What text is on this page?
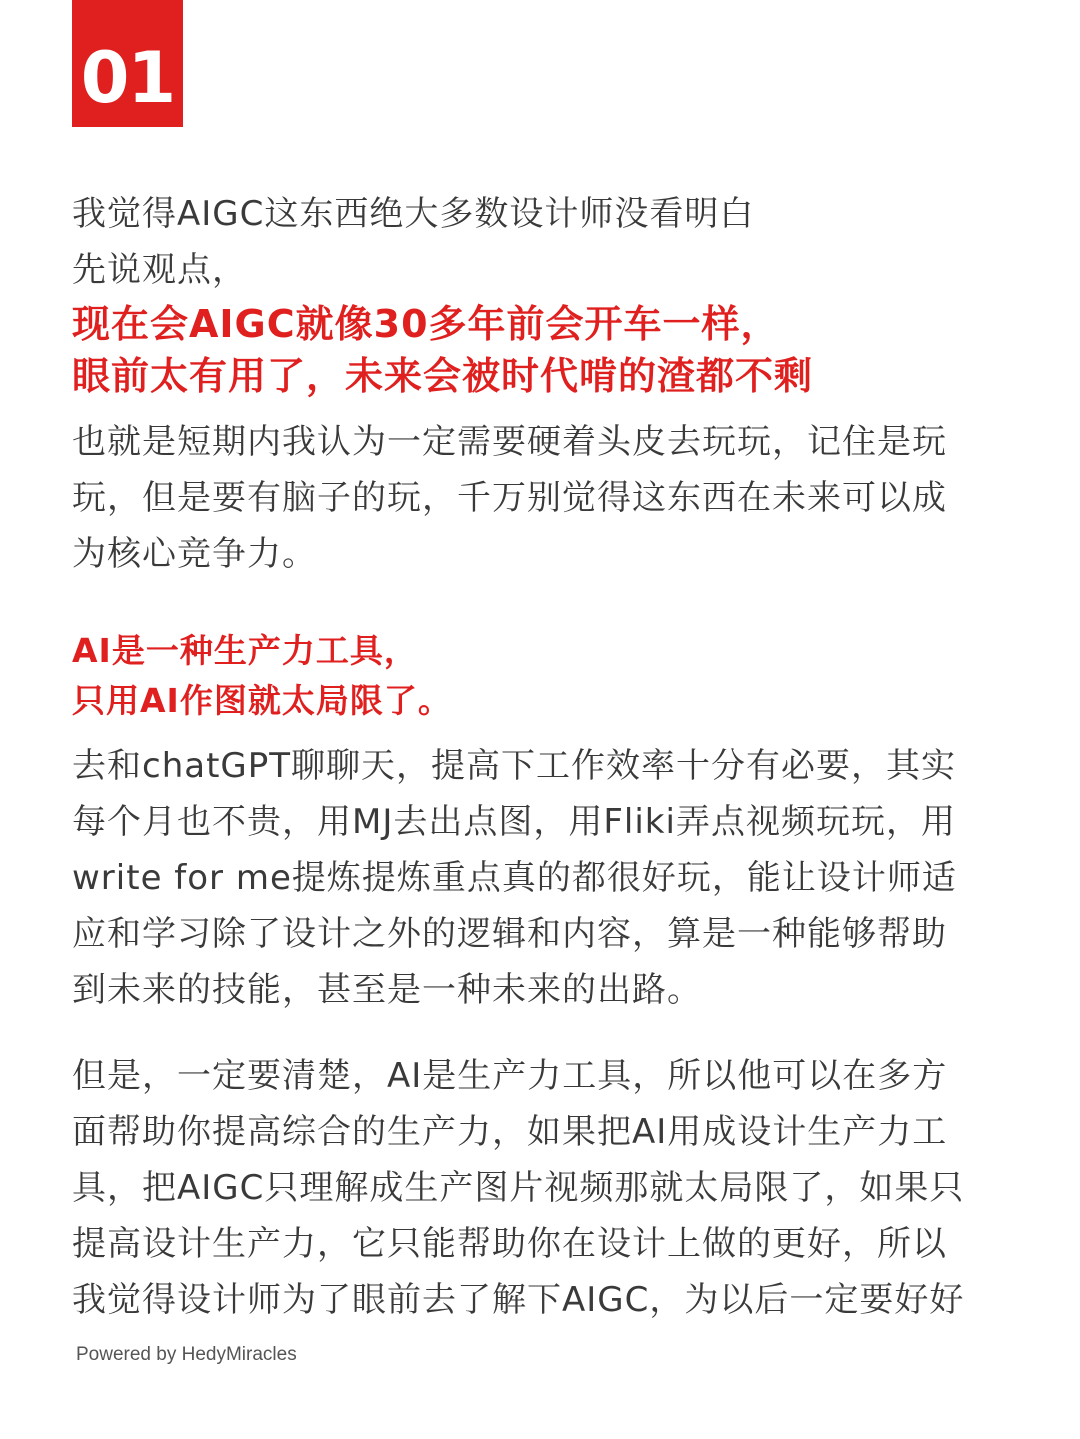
01

我觉得AIGC这东西绝大多数设计师没看明白

先说观点，

现在会AIGC就像30多年前会开车一样，

眼前太有用了，未来会被时代啃的渣都不剩

也就是短期内我认为一定需要硬着头皮去玩玩，记住是玩玩，但是要有脑子的玩，千万别觉得这东西在未来可以成为核心竞争力。

AI是一种生产力工具，

只用AI作图就太局限了。

去和chatGPT聊聊天，提高下工作效率十分有必要，其实每个月也不贵，用MJ去出点图，用Fliki弄点视频玩玩，用write for me提炼提炼重点真的都很好玩，能让设计师适应和学习除了设计之外的逻辑和内容，算是一种能够帮助到未来的技能，甚至是一种未来的出路。

但是，一定要清楚，AI是生产力工具，所以他可以在多方面帮助你提高综合的生产力，如果把AI用成设计生产力工具，把AIGC只理解成生产图片视频那就太局限了，如果只提高设计生产力，它只能帮助你在设计上做的更好，所以我觉得设计师为了眼前去了解下AIGC，为以后一定要好好

Powered by HedyMiracles
